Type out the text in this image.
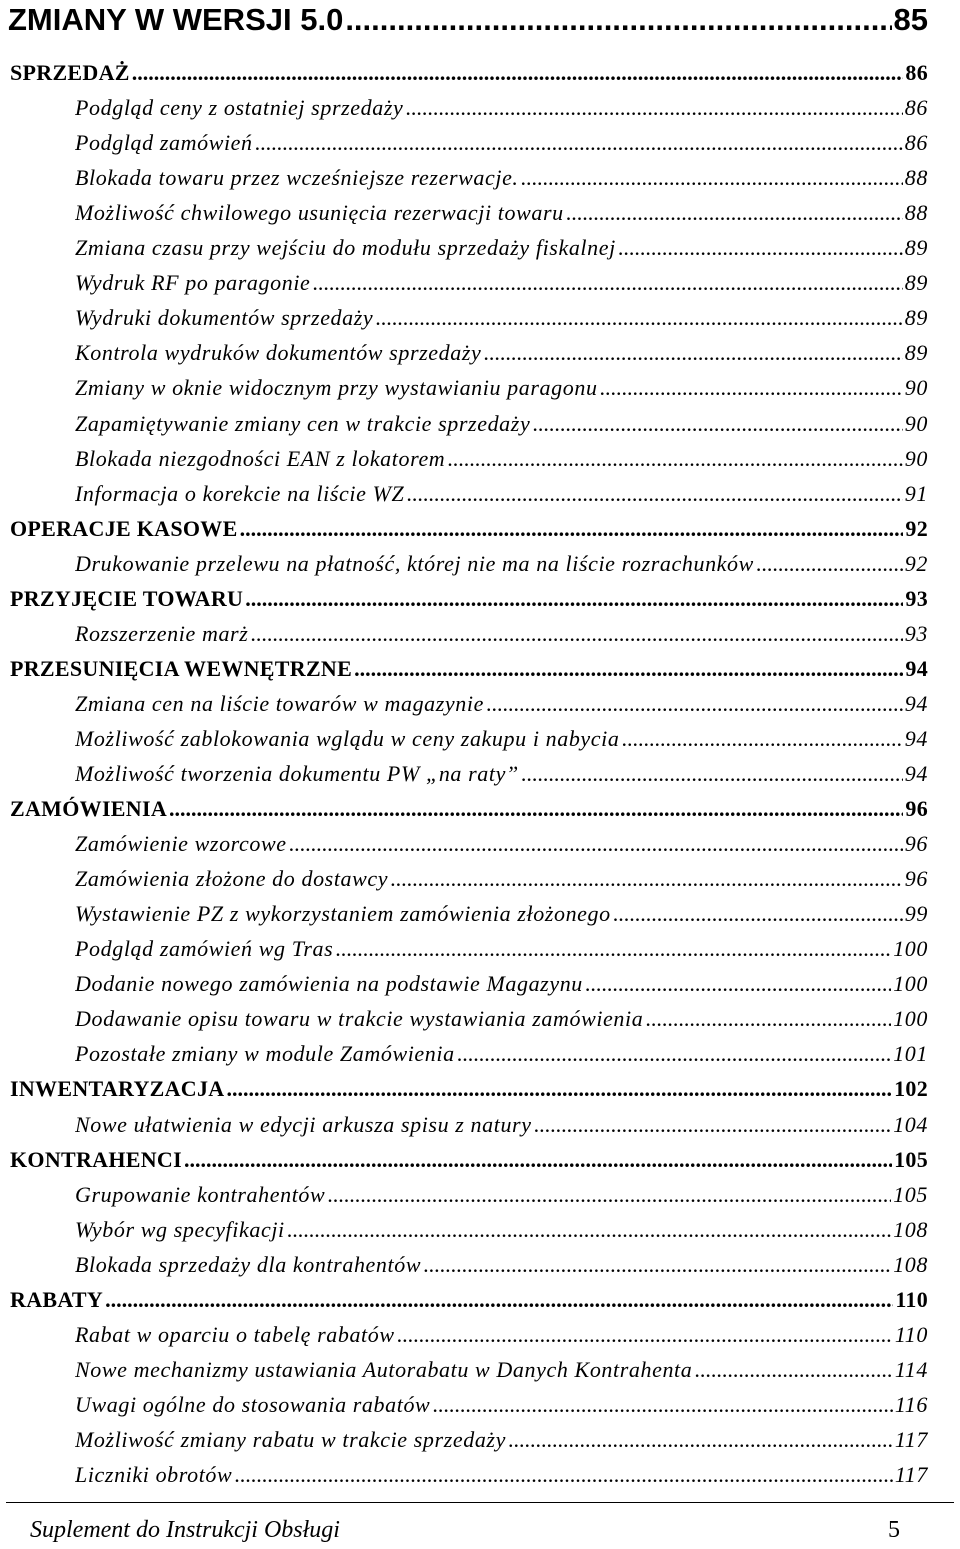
ZMIANY W WERSJI 5.0 .....	85
SPRZEDAŻ .....	86
Podgląd ceny z ostatniej sprzedaży .....	86
Podgląd zamówień .....	86
Blokada towaru przez wcześniejsze rezerwacje. .....	88
Możliwość chwilowego usunięcia rezerwacji towaru .....	88
Zmiana czasu przy wejściu do modułu sprzedaży fiskalnej .....	89
Wydruk RF po paragonie .....	89
Wydruki dokumentów sprzedaży .....	89
Kontrola wydruków dokumentów sprzedaży .....	89
Zmiany w oknie widocznym przy wystawianiu paragonu .....	90
Zapamiętywanie zmiany cen w trakcie sprzedaży .....	90
Blokada niezgodności EAN z lokatorem .....	90
Informacja o korekcie na liście WZ .....	91
OPERACJE KASOWE .....	92
Drukowanie przelewu na płatność, której nie ma na liście rozrachunków .....	92
PRZYJĘCIE TOWARU .....	93
Rozszerzenie marż .....	93
PRZESUNIĘCIA WEWNĘTRZNE .....	94
Zmiana cen na liście towarów w magazynie .....	94
Możliwość zablokowania wglądu w ceny zakupu i nabycia .....	94
Możliwość tworzenia dokumentu PW „na raty” .....	94
ZAMÓWIENIA .....	96
Zamówienie wzorcowe .....	96
Zamówienia złożone do dostawcy .....	96
Wystawienie PZ z wykorzystaniem zamówienia złożonego .....	99
Podgląd zamówień wg Tras .....	100
Dodanie nowego zamówienia na podstawie Magazynu .....	100
Dodawanie opisu towaru w trakcie wystawiania zamówienia .....	100
Pozostałe zmiany w module Zamówienia .....	101
INWENTARYZACJA .....	102
Nowe ułatwienia w edycji arkusza spisu z natury .....	104
KONTRAHENCI .....	105
Grupowanie kontrahentów .....	105
Wybór wg specyfikacji .....	108
Blokada sprzedaży dla kontrahentów .....	108
RABATY .....	110
Rabat w oparciu o tabelę rabatów .....	110
Nowe mechanizmy ustawiania Autorabatu w Danych Kontrahenta .....	114
Uwagi ogólne do stosowania rabatów .....	116
Możliwość zmiany rabatu w trakcie sprzedaży .....	117
Liczniki obrotów .....	117
Suplement do Instrukcji Obsługi	5
